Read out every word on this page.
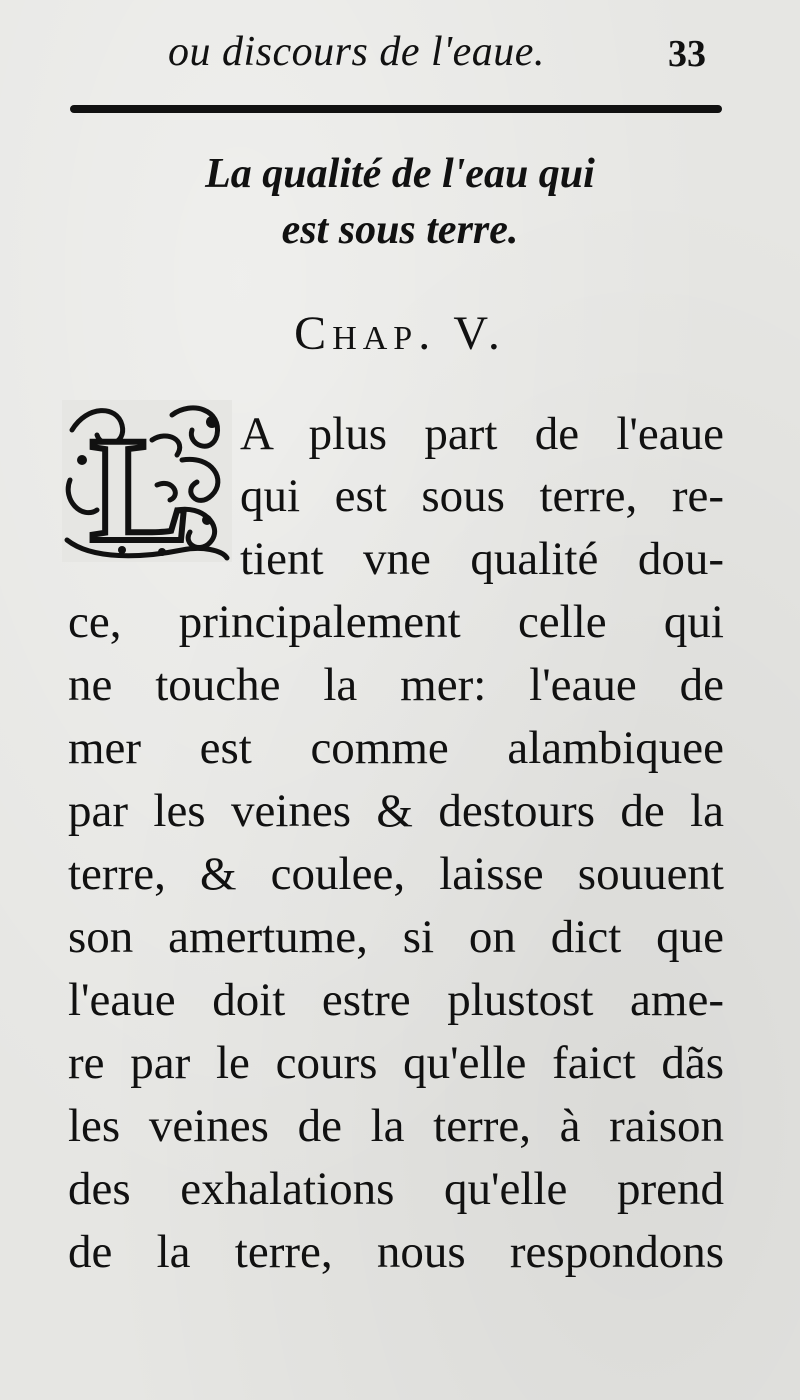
ou discours de l'eaue.	33
La qualité de l'eau qui
est sous terre.
Chap. V.
L A plus part de l'eaue
qui est sous terre, re-
tient vne qualité dou-
ce, principalement celle qui
ne touche la mer: l'eaue de
mer est comme alambiquee
par les veines & destours de la
terre, & coulee, laisse souuent
son amertume, si on dict que
l'eaue doit estre plustost ame-
re par le cours qu'elle faict dãs
les veines de la terre, à raison
des exhalations qu'elle prend
de la terre, nous respondons
